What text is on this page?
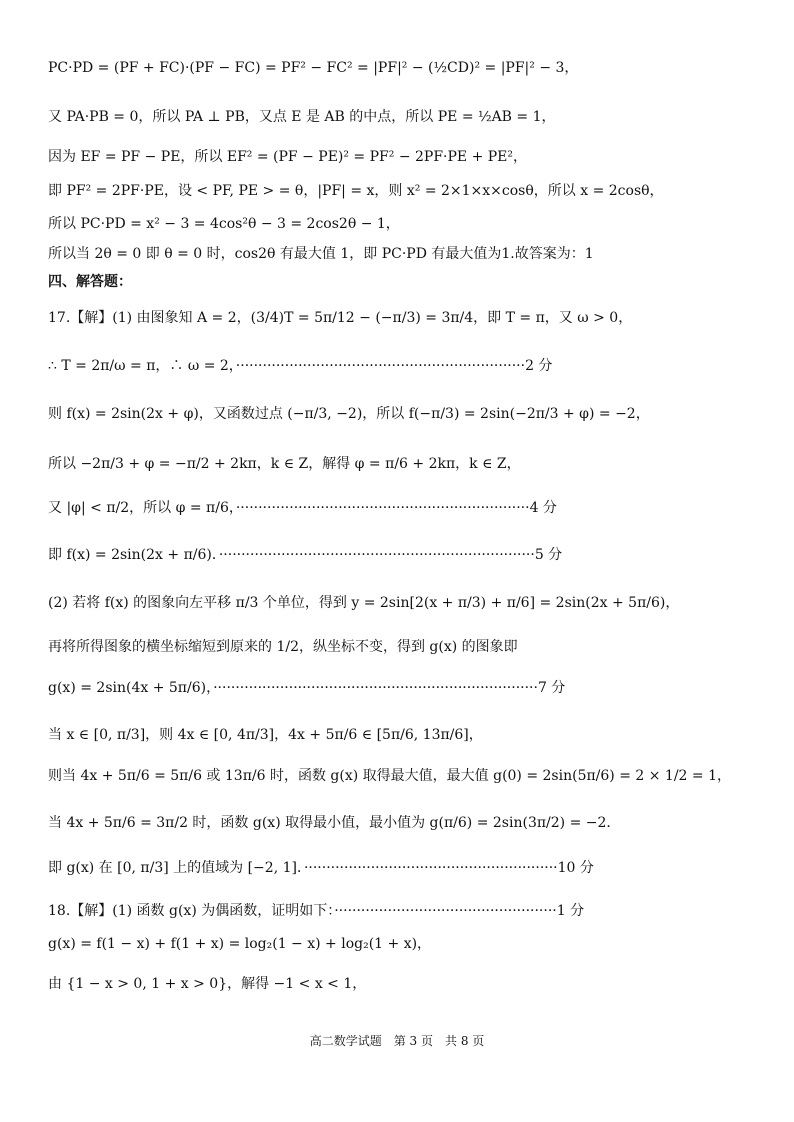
PC·PD = (PF + FC)·(PF − FC) = PF² − FC² = |PF|² − (½CD)² = |PF|² − 3，
又 PA·PB = 0，所以 PA ⊥ PB，又点 E 是 AB 的中点，所以 PE = ½AB = 1，
因为 EF = PF − PE，所以 EF² = (PF − PE)² = PF² − 2PF·PE + PE²，
即 PF² = 2PF·PE，设 < PF, PE > = θ，|PF| = x，则 x² = 2×1×x×cosθ，所以 x = 2cosθ，
所以 PC·PD = x² − 3 = 4cos²θ − 3 = 2cos2θ − 1，
所以当 2θ = 0 即 θ = 0 时，cos2θ 有最大值 1，即 PC·PD 有最大值为1.故答案为：1
四、解答题：
17.【解】(1) 由图象知 A = 2，(3/4)T = 5π/12 − (−π/3) = 3π/4，即 T = π，又 ω > 0，
∴ T = 2π/ω = π，∴ ω = 2，·································································2 分
则 f(x) = 2sin(2x + φ)，又函数过点 (−π/3, −2)，所以 f(−π/3) = 2sin(−2π/3 + φ) = −2，
所以 −2π/3 + φ = −π/2 + 2kπ，k ∈ Z，解得 φ = π/6 + 2kπ，k ∈ Z，
又 |φ| < π/2，所以 φ = π/6，··································································4 分
即 f(x) = 2sin(2x + π/6)．·······································································5 分
(2) 若将 f(x) 的图象向左平移 π/3 个单位，得到 y = 2sin[2(x + π/3) + π/6] = 2sin(2x + 5π/6)，
再将所得图象的横坐标缩短到原来的 1/2，纵坐标不变，得到 g(x) 的图象即
g(x) = 2sin(4x + 5π/6)，·········································································7 分
当 x ∈ [0, π/3]，则 4x ∈ [0, 4π/3]，4x + 5π/6 ∈ [5π/6, 13π/6]，
则当 4x + 5π/6 = 5π/6 或 13π/6 时，函数 g(x) 取得最大值，最大值 g(0) = 2sin(5π/6) = 2 × 1/2 = 1，
当 4x + 5π/6 = 3π/2 时，函数 g(x) 取得最小值，最小值为 g(π/6) = 2sin(3π/2) = −2．
即 g(x) 在 [0, π/3] 上的值域为 [−2, 1]．·························································10 分
18.【解】(1) 函数 g(x) 为偶函数，证明如下：··················································1 分
g(x) = f(1 − x) + f(1 + x) = log₂(1 − x) + log₂(1 + x)，
由 {1 − x > 0, 1 + x > 0}，解得 −1 < x < 1，
高二数学试题　第 3 页　共 8 页
